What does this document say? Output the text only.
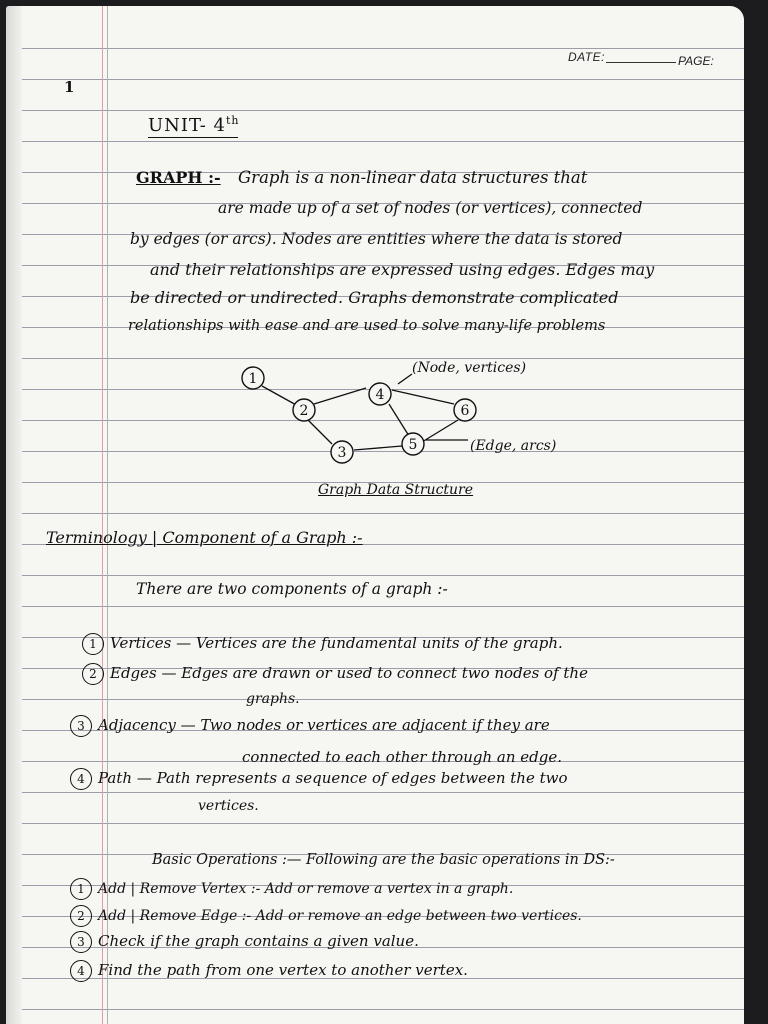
DATE:	PAGE:
1
UNIT- 4th
GRAPH :- Graph is a non-linear data structures that
are made up of a set of nodes (or vertices), connected
by edges (or arcs). Nodes are entities where the data is stored
and their relationships are expressed using edges. Edges may
be directed or undirected. Graphs demonstrate complicated
relationships with ease and are used to solve many-life problems
1
2
4
6
3	5
(Node, vertices)
(Edge, arcs)
Graph Data Structure
Terminology | Component of a Graph :-
There are two components of a graph :-
1 Vertices — Vertices are the fundamental units of the graph.
2 Edges — Edges are drawn or used to connect two nodes of the
graphs.
3 Adjacency — Two nodes or vertices are adjacent if they are
connected to each other through an edge.
4 Path — Path represents a sequence of edges between the two
vertices.
Basic Operations :— Following are the basic operations in DS:-
1 Add | Remove Vertex :- Add or remove a vertex in a graph.
2 Add | Remove Edge :- Add or remove an edge between two vertices.
3 Check if the graph contains a given value.
4 Find the path from one vertex to another vertex.
